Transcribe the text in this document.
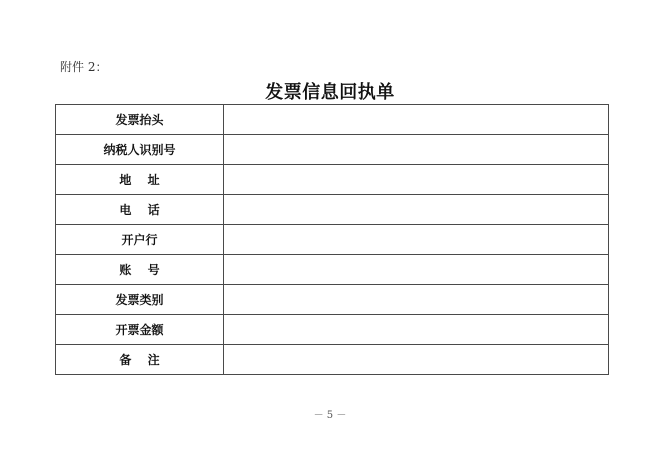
附件 2：
发票信息回执单
发票抬头	
纳税人识别号	
地　 址	
电　 话	
开户行	
账　 号	
发票类别	
开票金额	
备　 注	
－ 5 －
